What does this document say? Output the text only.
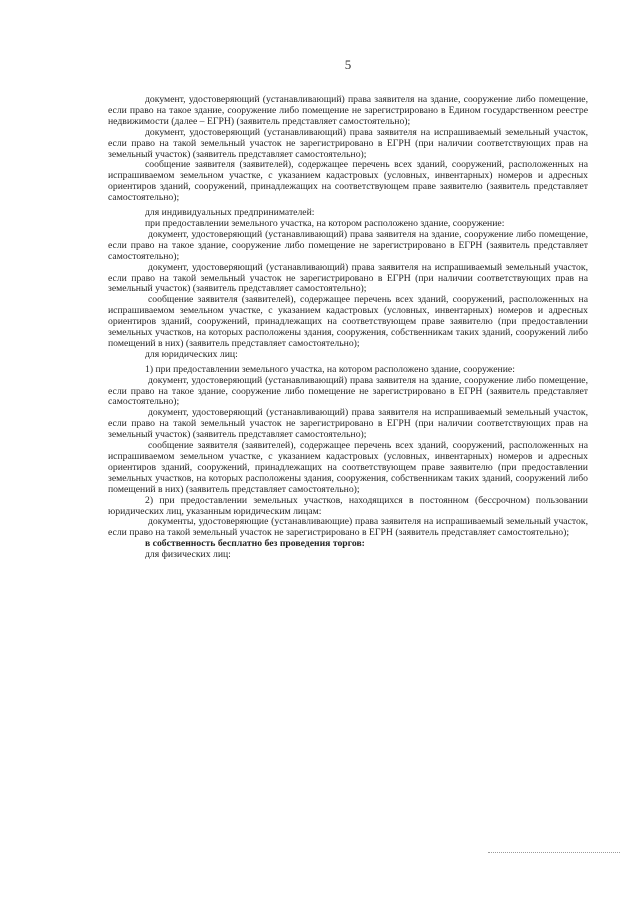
5

документ, удостоверяющий (устанавливающий) права заявителя на здание, сооружение либо помещение, если право на такое здание, сооружение либо помещение не зарегистрировано в Едином государственном реестре недвижимости (далее – ЕГРН) (заявитель представляет самостоятельно);

документ, удостоверяющий (устанавливающий) права заявителя на испрашиваемый земельный участок, если право на такой земельный участок не зарегистрировано в ЕГРН (при наличии соответствующих прав на земельный участок) (заявитель представляет самостоятельно);

сообщение заявителя (заявителей), содержащее перечень всех зданий, сооружений, расположенных на испрашиваемом земельном участке, с указанием кадастровых (условных, инвентарных) номеров и адресных ориентиров зданий, сооружений, принадлежащих на соответствующем праве заявителю (заявитель представляет самостоятельно);

для индивидуальных предпринимателей:

при предоставлении земельного участка, на котором расположено здание, сооружение:

документ, удостоверяющий (устанавливающий) права заявителя на здание, сооружение либо помещение, если право на такое здание, сооружение либо помещение не зарегистрировано в ЕГРН (заявитель представляет самостоятельно);

документ, удостоверяющий (устанавливающий) права заявителя на испрашиваемый земельный участок, если право на такой земельный участок не зарегистрировано в ЕГРН (при наличии соответствующих прав на земельный участок) (заявитель представляет самостоятельно);

сообщение заявителя (заявителей), содержащее перечень всех зданий, сооружений, расположенных на испрашиваемом земельном участке, с указанием кадастровых (условных, инвентарных) номеров и адресных ориентиров зданий, сооружений, принадлежащих на соответствующем праве заявителю (при предоставлении земельных участков, на которых расположены здания, сооружения, собственникам таких зданий, сооружений либо помещений в них) (заявитель представляет самостоятельно);

для юридических лиц:

1) при предоставлении земельного участка, на котором расположено здание, сооружение:

документ, удостоверяющий (устанавливающий) права заявителя на здание, сооружение либо помещение, если право на такое здание, сооружение либо помещение не зарегистрировано в ЕГРН (заявитель представляет самостоятельно);

документ, удостоверяющий (устанавливающий) права заявителя на испрашиваемый земельный участок, если право на такой земельный участок не зарегистрировано в ЕГРН (при наличии соответствующих прав на земельный участок) (заявитель представляет самостоятельно);

сообщение заявителя (заявителей), содержащее перечень всех зданий, сооружений, расположенных на испрашиваемом земельном участке, с указанием кадастровых (условных, инвентарных) номеров и адресных ориентиров зданий, сооружений, принадлежащих на соответствующем праве заявителю (при предоставлении земельных участков, на которых расположены здания, сооружения, собственникам таких зданий, сооружений либо помещений в них) (заявитель представляет самостоятельно);

2) при предоставлении земельных участков, находящихся в постоянном (бессрочном) пользовании юридических лиц, указанным юридическим лицам:

документы, удостоверяющие (устанавливающие) права заявителя на испрашиваемый земельный участок, если право на такой земельный участок не зарегистрировано в ЕГРН (заявитель представляет самостоятельно);

в собственность бесплатно без проведения торгов:

для физических лиц:
